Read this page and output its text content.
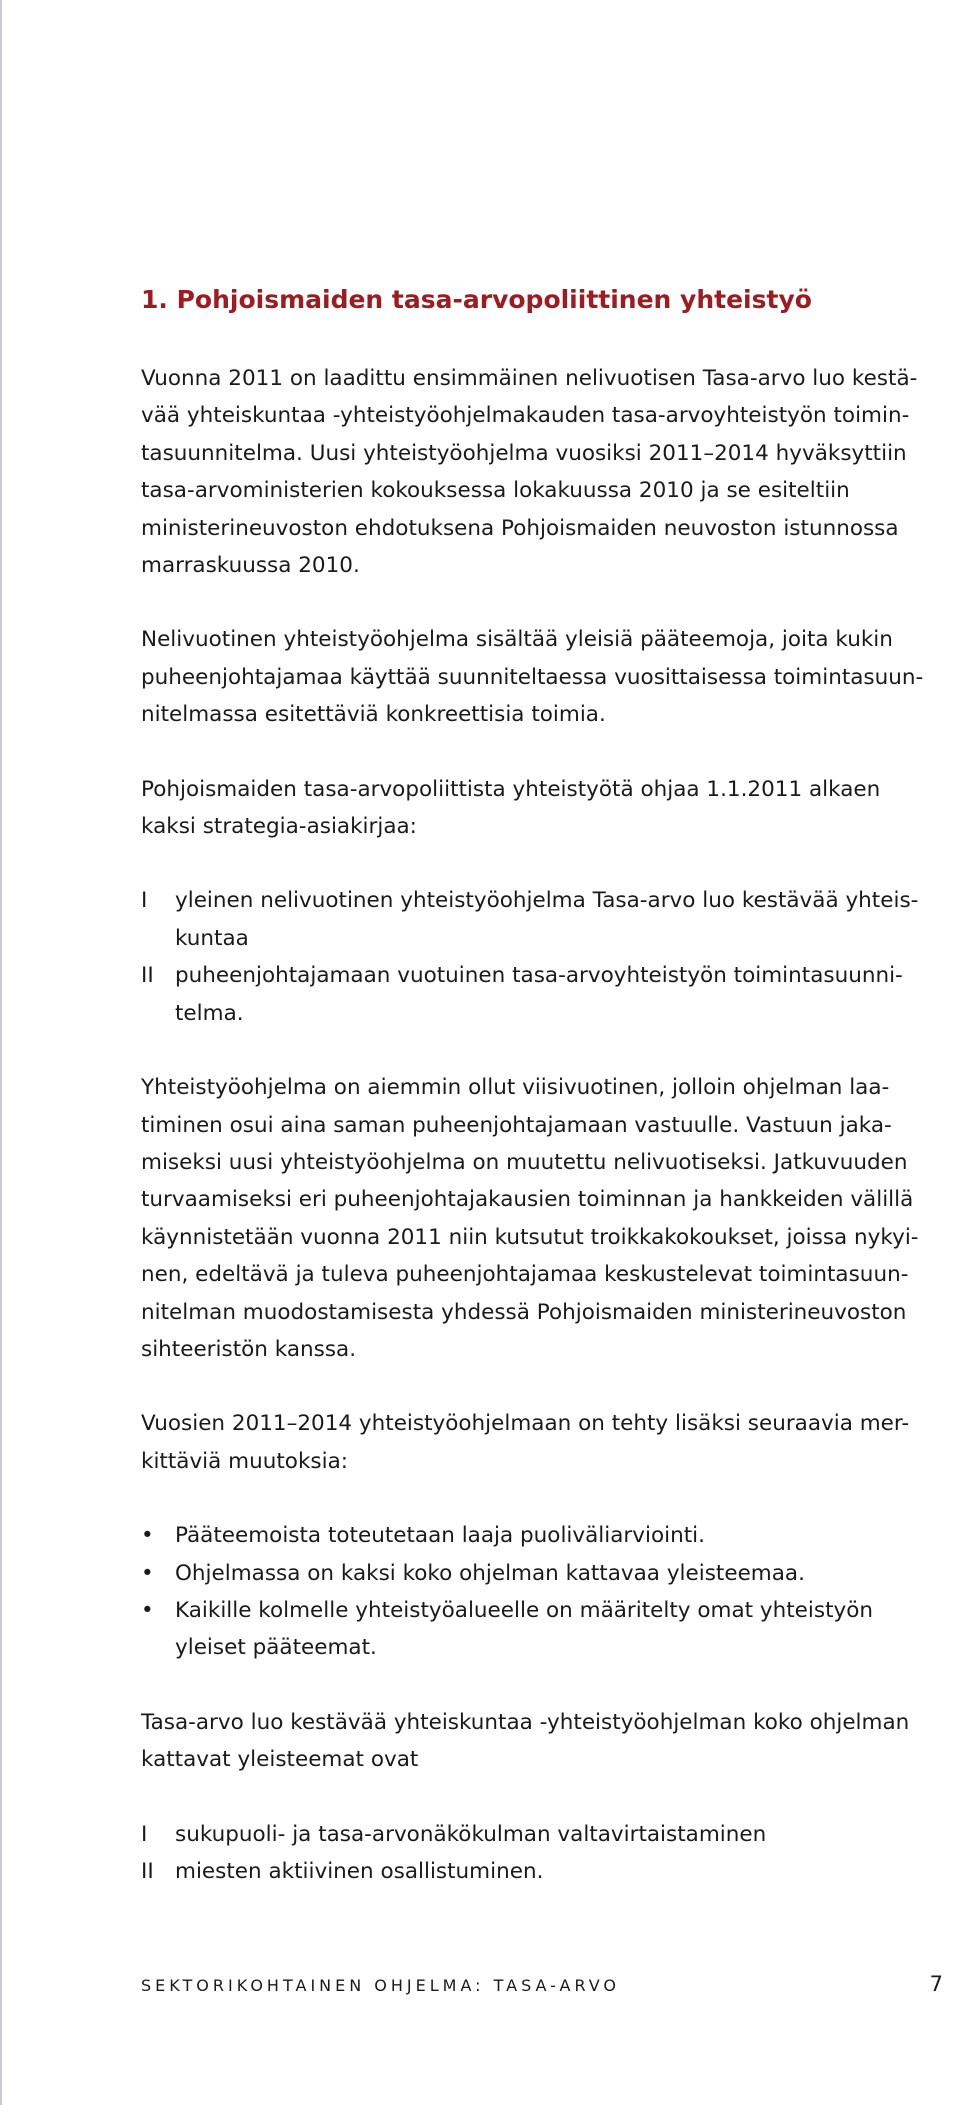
1. Pohjoismaiden tasa-arvopoliittinen yhteistyö

Vuonna 2011 on laadittu ensimmäinen nelivuotisen Tasa-arvo luo kestä-
vää yhteiskuntaa -yhteistyöohjelmakauden tasa-arvoyhteistyön toimin-
tasuunnitelma. Uusi yhteistyöohjelma vuosiksi 2011–2014 hyväksyttiin
tasa-arvoministerien kokouksessa lokakuussa 2010 ja se esiteltiin
ministerineuvoston ehdotuksena Pohjoismaiden neuvoston istunnossa
marraskuussa 2010.

Nelivuotinen yhteistyöohjelma sisältää yleisiä pääteemoja, joita kukin
puheenjohtajamaa käyttää suunniteltaessa vuosittaisessa toimintasuun-
nitelmassa esitettäviä konkreettisia toimia.

Pohjoismaiden tasa-arvopoliittista yhteistyötä ohjaa 1.1.2011 alkaen
kaksi strategia-asiakirjaa:

I	yleinen nelivuotinen yhteistyöohjelma Tasa-arvo luo kestävää yhteis-
kuntaa
II puheenjohtajamaan vuotuinen tasa-arvoyhteistyön toimintasuunni-
telma.

Yhteistyöohjelma on aiemmin ollut viisivuotinen, jolloin ohjelman laa-
timinen osui aina saman puheenjohtajamaan vastuulle. Vastuun jaka-
miseksi uusi yhteistyöohjelma on muutettu nelivuotiseksi. Jatkuvuuden
turvaamiseksi eri puheenjohtajakausien toiminnan ja hankkeiden välillä
käynnistetään vuonna 2011 niin kutsutut troikkakokoukset, joissa nykyi-
nen, edeltävä ja tuleva puheenjohtajamaa keskustelevat toimintasuun-
nitelman muodostamisesta yhdessä Pohjoismaiden ministerineuvoston
sihteeristön kanssa.

Vuosien 2011–2014 yhteistyöohjelmaan on tehty lisäksi seuraavia mer-
kittäviä muutoksia:

• Pääteemoista toteutetaan laaja puoliväliarviointi.
• Ohjelmassa on kaksi koko ohjelman kattavaa yleisteemaa.
• Kaikille kolmelle yhteistyöalueelle on määritelty omat yhteistyön
yleiset pääteemat.

Tasa-arvo luo kestävää yhteiskuntaa -yhteistyöohjelman koko ohjelman
kattavat yleisteemat ovat

I	sukupuoli- ja tasa-arvonäkökulman valtavirtaistaminen
II miesten aktiivinen osallistuminen.
SEKTORIKOHTAINEN OHJELMA: TASA-ARVO	7
